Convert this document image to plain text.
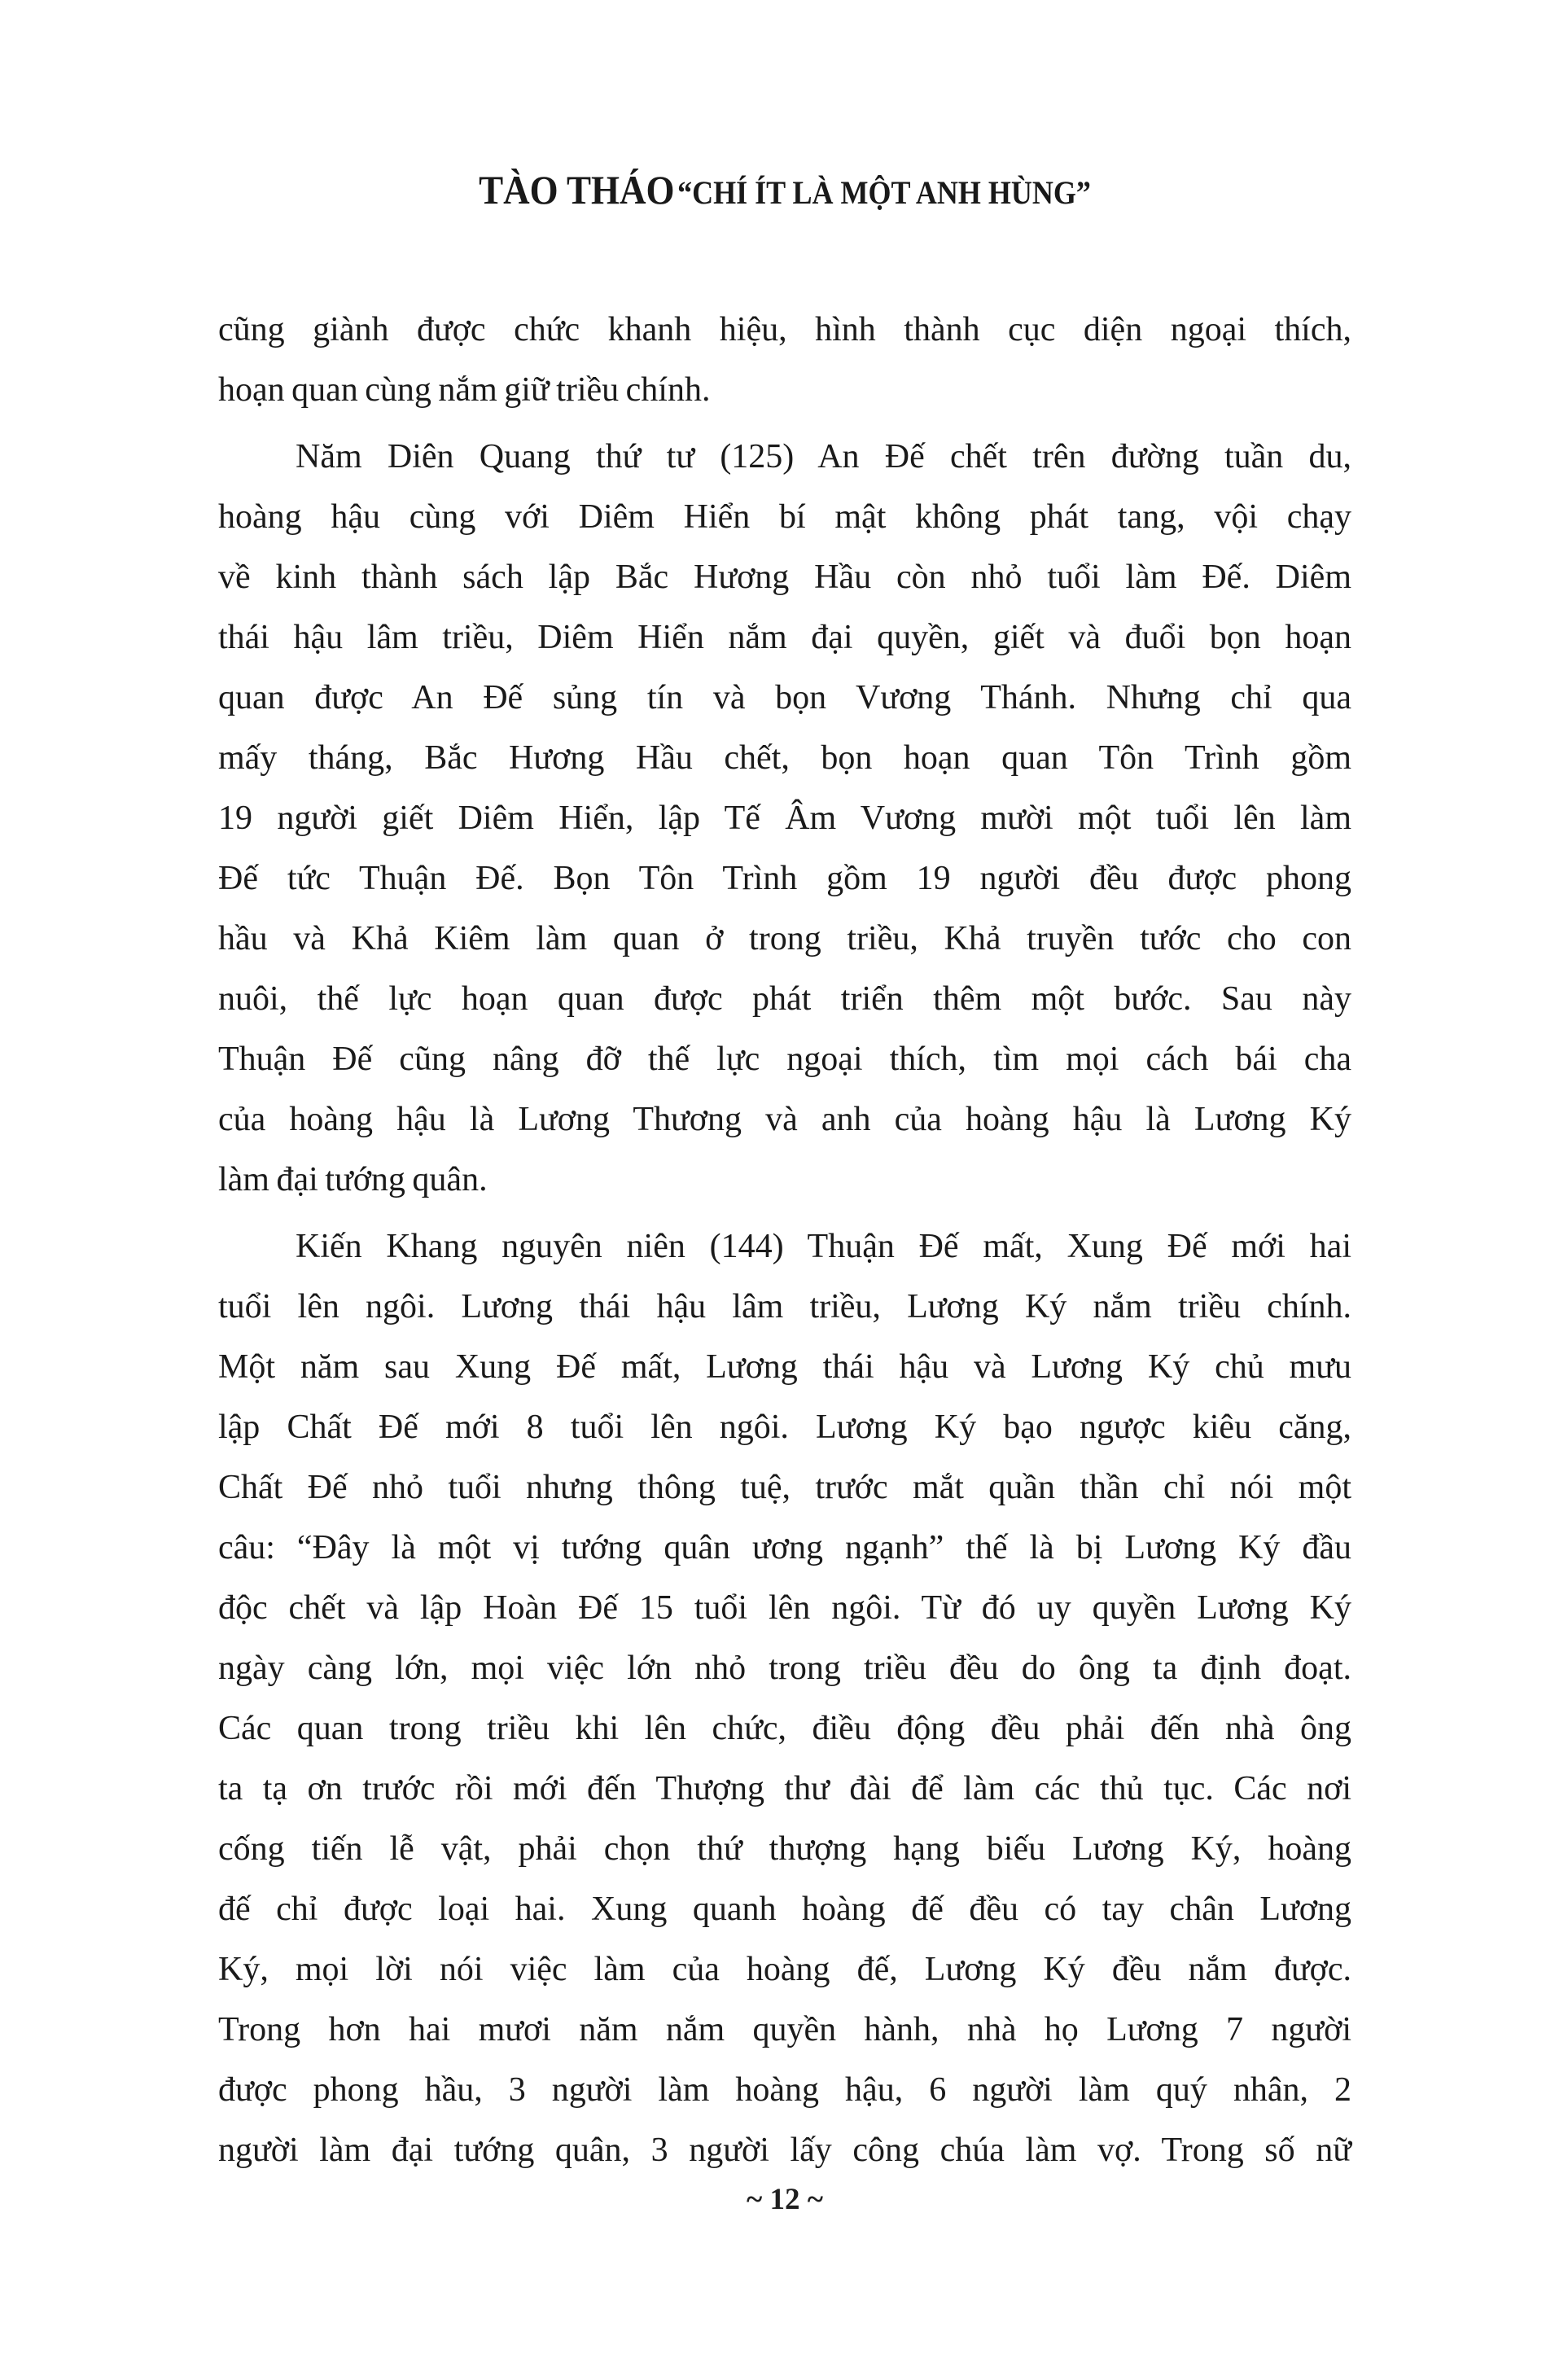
TÀO THÁO “CHÍ ÍT LÀ MỘT ANH HÙNG”
cũng giành được chức khanh hiệu, hình thành cục diện ngoại thích,
hoạn quan cùng nắm giữ triều chính.
Năm Diên Quang thứ tư (125) An Đế chết trên đường tuần du,
hoàng hậu cùng với Diêm Hiển bí mật không phát tang, vội chạy
về kinh thành sách lập Bắc Hương Hầu còn nhỏ tuổi làm Đế. Diêm
thái hậu lâm triều, Diêm Hiển nắm đại quyền, giết và đuổi bọn hoạn
quan được An Đế sủng tín và bọn Vương Thánh. Nhưng chỉ qua
mấy tháng, Bắc Hương Hầu chết, bọn hoạn quan Tôn Trình gồm
19 người giết Diêm Hiển, lập Tế Âm Vương mười một tuổi lên làm
Đế tức Thuận Đế. Bọn Tôn Trình gồm 19 người đều được phong
hầu và Khả Kiêm làm quan ở trong triều, Khả truyền tước cho con
nuôi, thế lực hoạn quan được phát triển thêm một bước. Sau này
Thuận Đế cũng nâng đỡ thế lực ngoại thích, tìm mọi cách bái cha
của hoàng hậu là Lương Thương và anh của hoàng hậu là Lương Ký
làm đại tướng quân.
Kiến Khang nguyên niên (144) Thuận Đế mất, Xung Đế mới hai
tuổi lên ngôi. Lương thái hậu lâm triều, Lương Ký nắm triều chính.
Một năm sau Xung Đế mất, Lương thái hậu và Lương Ký chủ mưu
lập Chất Đế mới 8 tuổi lên ngôi. Lương Ký bạo ngược kiêu căng,
Chất Đế nhỏ tuổi nhưng thông tuệ, trước mắt quần thần chỉ nói một
câu: “Đây là một vị tướng quân ương ngạnh” thế là bị Lương Ký đầu
độc chết và lập Hoàn Đế 15 tuổi lên ngôi. Từ đó uy quyền Lương Ký
ngày càng lớn, mọi việc lớn nhỏ trong triều đều do ông ta định đoạt.
Các quan trong triều khi lên chức, điều động đều phải đến nhà ông
ta tạ ơn trước rồi mới đến Thượng thư đài để làm các thủ tục. Các nơi
cống tiến lễ vật, phải chọn thứ thượng hạng biếu Lương Ký, hoàng
đế chỉ được loại hai. Xung quanh hoàng đế đều có tay chân Lương
Ký, mọi lời nói việc làm của hoàng đế, Lương Ký đều nắm được.
Trong hơn hai mươi năm nắm quyền hành, nhà họ Lương 7 người
được phong hầu, 3 người làm hoàng hậu, 6 người làm quý nhân, 2
người làm đại tướng quân, 3 người lấy công chúa làm vợ. Trong số nữ
~ 12 ~
